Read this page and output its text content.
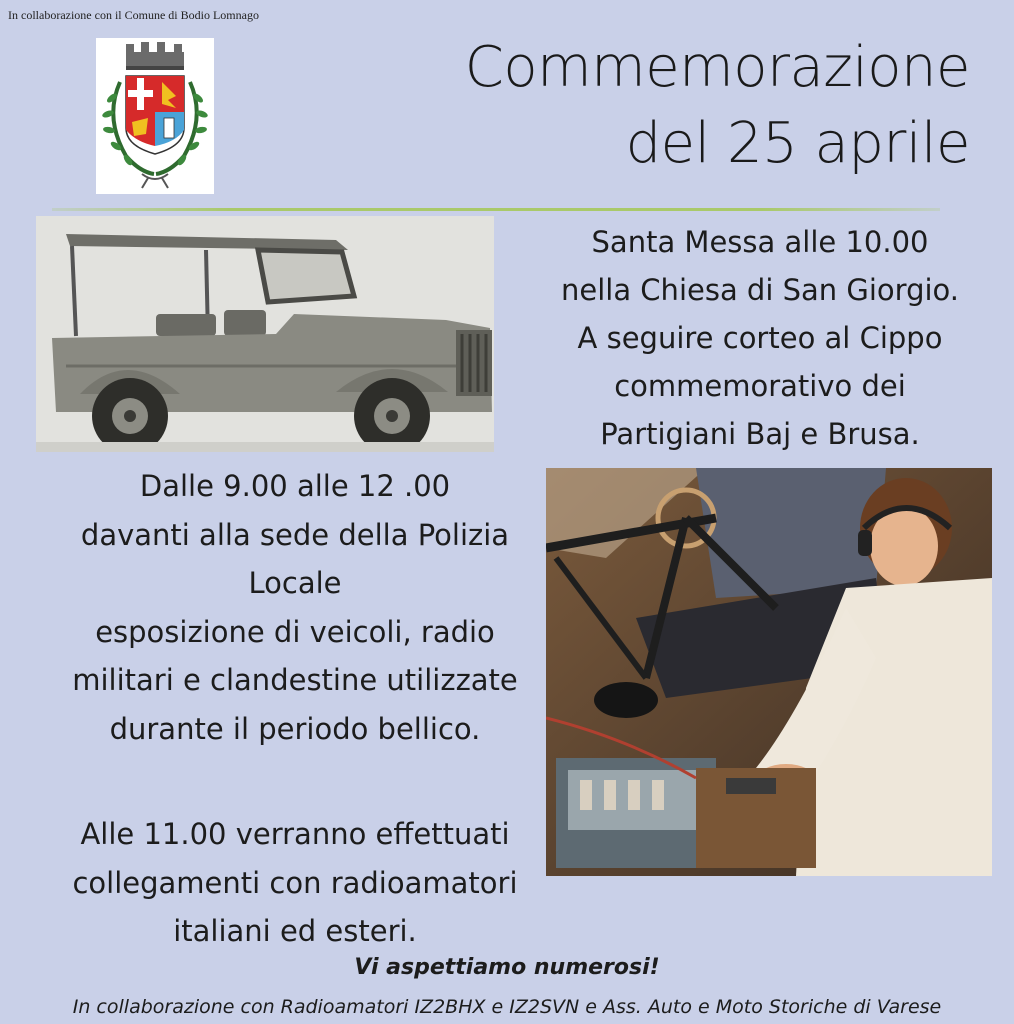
In collaborazione con il Comune di Bodio Lomnago
Commemorazione
del 25 aprile
Santa Messa alle 10.00
nella Chiesa di San Giorgio.
A seguire corteo al Cippo
commemorativo dei
Partigiani Baj e Brusa.
Dalle 9.00 alle 12 .00
davanti alla sede della Polizia
Locale
esposizione di veicoli, radio
militari e clandestine utilizzate
durante il periodo bellico.
Alle 11.00 verranno effettuati
collegamenti con radioamatori
italiani ed esteri.
Vi aspettiamo numerosi!
In collaborazione con Radioamatori IZ2BHX e IZ2SVN e Ass. Auto e Moto Storiche di Varese
